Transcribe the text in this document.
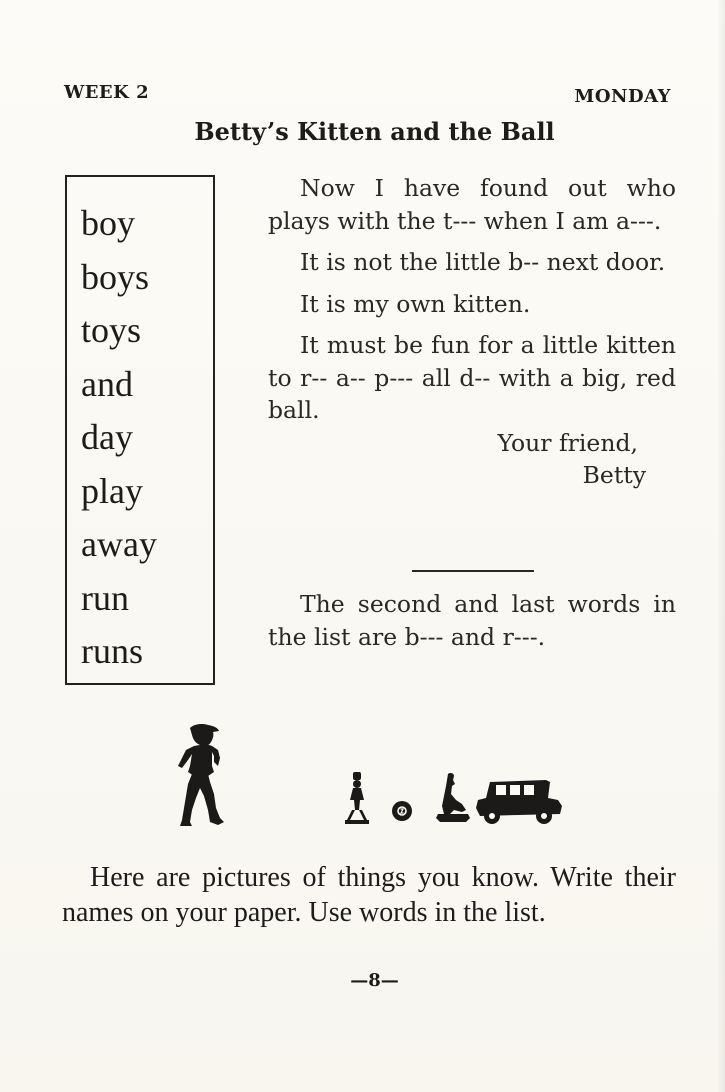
WEEK 2	MONDAY
Betty’s Kitten and the Ball
boy
boys
toys
and
day
play
away
run
runs

Now I have found out who plays with the t--- when I am a---.

It is not the little b-- next door.

It is my own kitten.

It must be fun for a little kitten to r-- a-- p--- all d-- with a big, red ball.

Your friend,

Betty

The second and last words in the list are b--- and r---.
Here are pictures of things you know. Write their names on your paper. Use words in the list.
—8—
